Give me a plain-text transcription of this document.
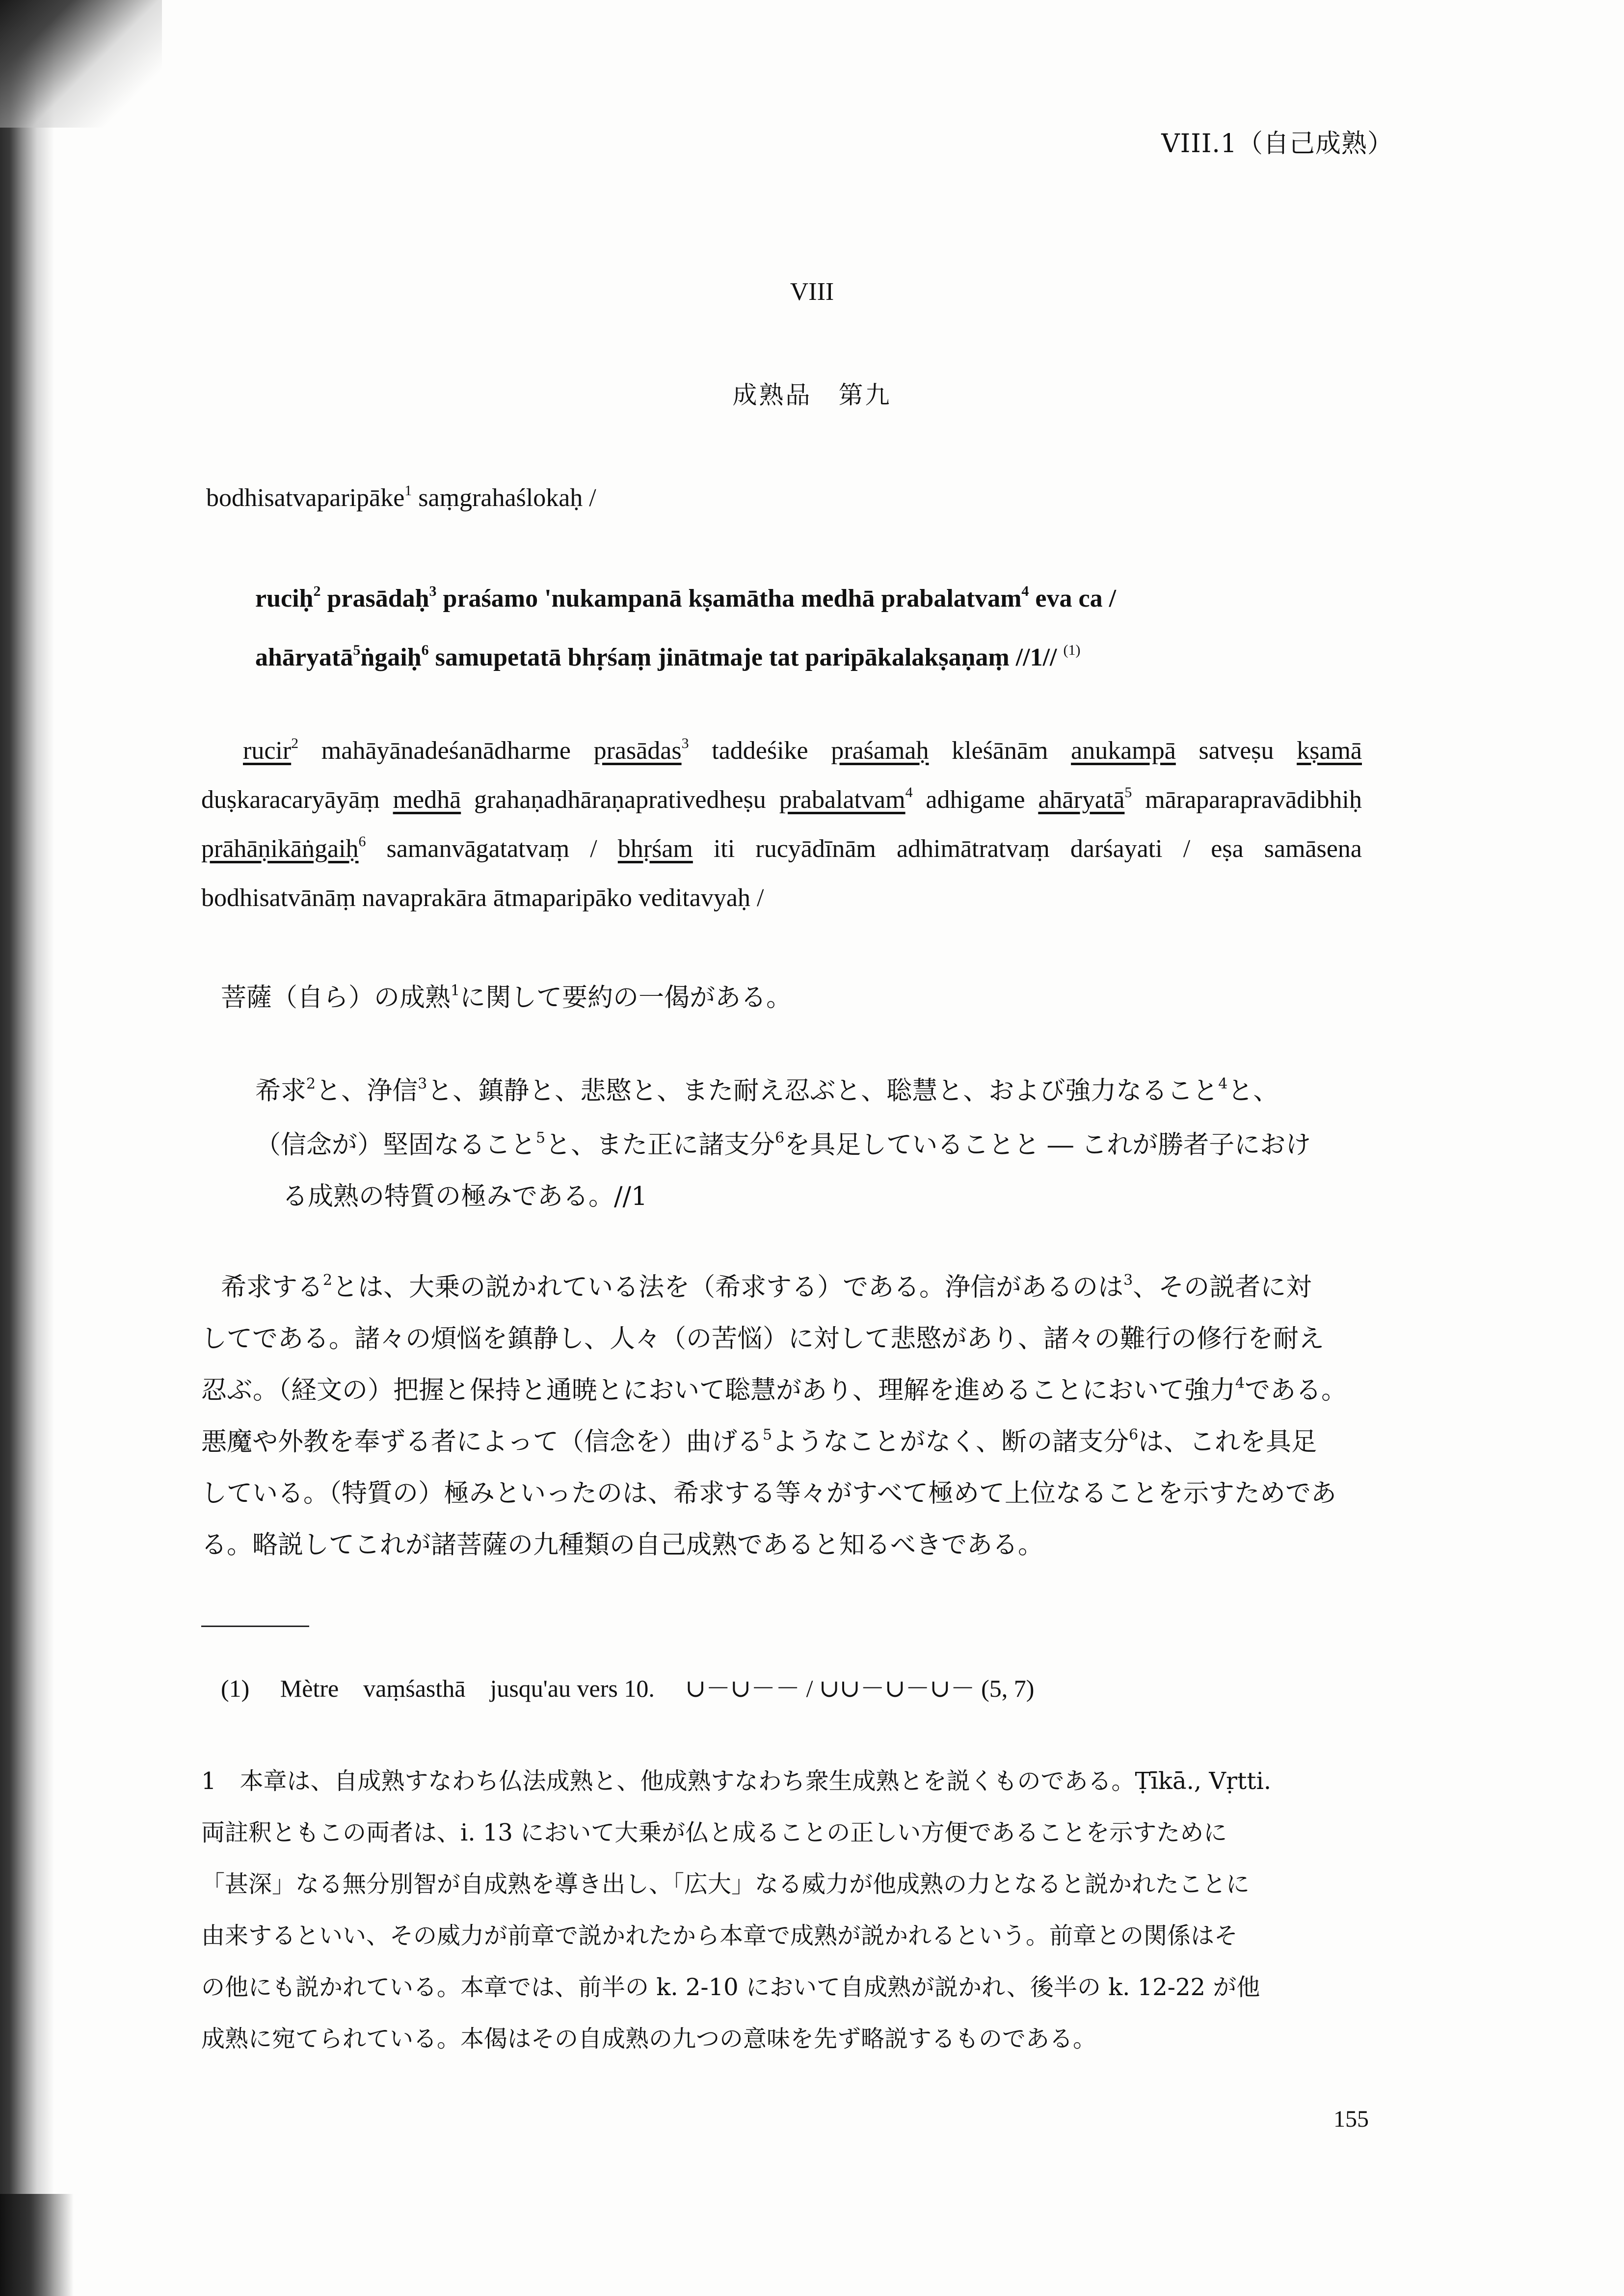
VIII.1（自己成熟）
VIII
成熟品　第九
bodhisatvaparipāke$^1$ saṃgrahaślokaḥ /
ruciḥ$^2$ prasādaḥ$^3$ praśamo 'nukampanā kṣamātha medhā prabalatvam$^4$ eva ca /
ahāryatā$^5$ṅgaiḥ$^6$ samupetatā bhṛśaṃ jinātmaje tat paripākalakṣaṇaṃ //1// $^{(1)}$
rucir$^2$ mahāyānadeśanādharme prasādas$^3$ taddeśike praśamaḥ kleśānām anukampā satveṣu kṣamā
duṣkaracaryāyāṃ medhā grahaṇadhāraṇaprativedheṣu prabalatvam$^4$ adhigame ahāryatā$^5$ māraparapravādibhiḥ
prāhāṇikāṅgaiḥ$^6$ samanvāgatatvaṃ / bhṛśam iti rucyādīnām adhimātratvaṃ darśayati / eṣa samāsena
bodhisatvānāṃ navaprakāra ātmaparipāko veditavyaḥ /
菩薩（自ら）の成熟$^1$に関して要約の一偈がある。
希求$^2$と、浄信$^3$と、鎮静と、悲愍と、また耐え忍ぶと、聡慧と、および強力なること$^4$と、
（信念が）堅固なること$^5$と、また正に諸支分$^6$を具足していることと ― これが勝者子におけ
る成熟の特質の極みである。//1
希求する$^2$とは、大乗の説かれている法を（希求する）である。浄信があるのは$^3$、その説者に対
してである。諸々の煩悩を鎮静し、人々（の苦悩）に対して悲愍があり、諸々の難行の修行を耐え
忍ぶ。（経文の）把握と保持と通暁とにおいて聡慧があり、理解を進めることにおいて強力$^4$である。
悪魔や外教を奉ずる者によって（信念を）曲げる$^5$ようなことがなく、断の諸支分$^6$は、これを具足
している。（特質の）極みといったのは、希求する等々がすべて極めて上位なることを示すためであ
る。略説してこれが諸菩薩の九種類の自己成熟であると知るべきである。
(1)　 Mètre　vaṃśasthā　jusqu'au vers 10.　 ∪－∪－－ / ∪∪－∪－∪－ (5, 7)
1　本章は、自成熟すなわち仏法成熟と、他成熟すなわち衆生成熟とを説くものである。Ṭīkā., Vṛtti.
両註釈ともこの両者は、i. 13 において大乗が仏と成ることの正しい方便であることを示すために
「甚深」なる無分別智が自成熟を導き出し、「広大」なる威力が他成熟の力となると説かれたことに
由来するといい、その威力が前章で説かれたから本章で成熟が説かれるという。前章との関係はそ
の他にも説かれている。本章では、前半の k. 2-10 において自成熟が説かれ、後半の k. 12-22 が他
成熟に宛てられている。本偈はその自成熟の九つの意味を先ず略説するものである。
155
